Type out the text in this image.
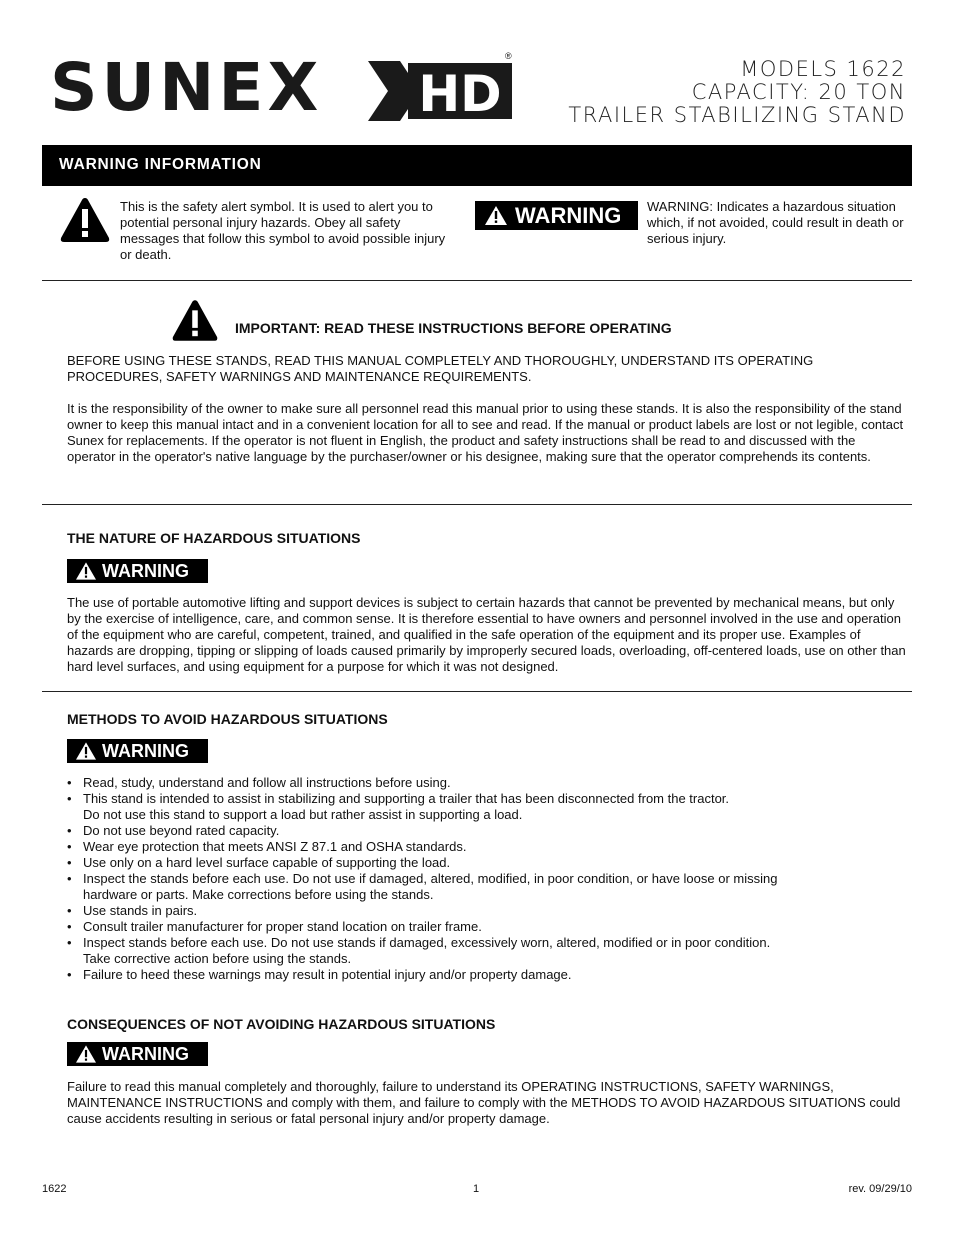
SUNEX HD
®
MODELS 1622
CAPACITY: 20 TON
TRAILER STABILIZING STAND
WARNING INFORMATION
This is the safety alert symbol. It is used to alert you to potential personal injury hazards. Obey all safety messages that follow this symbol to avoid possible injury or death.
WARNING WARNING: Indicates a hazardous situation which, if not avoided, could result in death or serious injury.
IMPORTANT: READ THESE INSTRUCTIONS BEFORE OPERATING
BEFORE USING THESE STANDS, READ THIS MANUAL COMPLETELY AND THOROUGHLY, UNDERSTAND ITS OPERATING PROCEDURES, SAFETY WARNINGS AND MAINTENANCE REQUIREMENTS.
It is the responsibility of the owner to make sure all personnel read this manual prior to using these stands. It is also the responsibility of the stand owner to keep this manual intact and in a convenient location for all to see and read. If the manual or product labels are lost or not legible, contact Sunex for replacements. If the operator is not fluent in English, the product and safety instructions shall be read to and discussed with the operator in the operator's native language by the purchaser/owner or his designee, making sure that the operator comprehends its contents.
THE NATURE OF HAZARDOUS SITUATIONS
WARNING
The use of portable automotive lifting and support devices is subject to certain hazards that cannot be prevented by mechanical means, but only by the exercise of intelligence, care, and common sense. It is therefore essential to have owners and personnel involved in the use and operation of the equipment who are careful, competent, trained, and qualified in the safe operation of the equipment and its proper use. Examples of hazards are dropping, tipping or slipping of loads caused primarily by improperly secured loads, overloading, off-centered loads, use on other than hard level surfaces, and using equipment for a purpose for which it was not designed.
METHODS TO AVOID HAZARDOUS SITUATIONS
WARNING
• Read, study, understand and follow all instructions before using.
• This stand is intended to assist in stabilizing and supporting a trailer that has been disconnected from the tractor.
Do not use this stand to support a load but rather assist in supporting a load.
• Do not use beyond rated capacity.
• Wear eye protection that meets ANSI Z 87.1 and OSHA standards.
• Use only on a hard level surface capable of supporting the load.
• Inspect the stands before each use. Do not use if damaged, altered, modified, in poor condition, or have loose or missing
hardware or parts. Make corrections before using the stands.
• Use stands in pairs.
• Consult trailer manufacturer for proper stand location on trailer frame.
• Inspect stands before each use. Do not use stands if damaged, excessively worn, altered, modified or in poor condition.
Take corrective action before using the stands.
• Failure to heed these warnings may result in potential injury and/or property damage.
CONSEQUENCES OF NOT AVOIDING HAZARDOUS SITUATIONS
WARNING
Failure to read this manual completely and thoroughly, failure to understand its OPERATING INSTRUCTIONS, SAFETY WARNINGS, MAINTENANCE INSTRUCTIONS and comply with them, and failure to comply with the METHODS TO AVOID HAZARDOUS SITUATIONS could cause accidents resulting in serious or fatal personal injury and/or property damage.
1622	1	rev. 09/29/10
